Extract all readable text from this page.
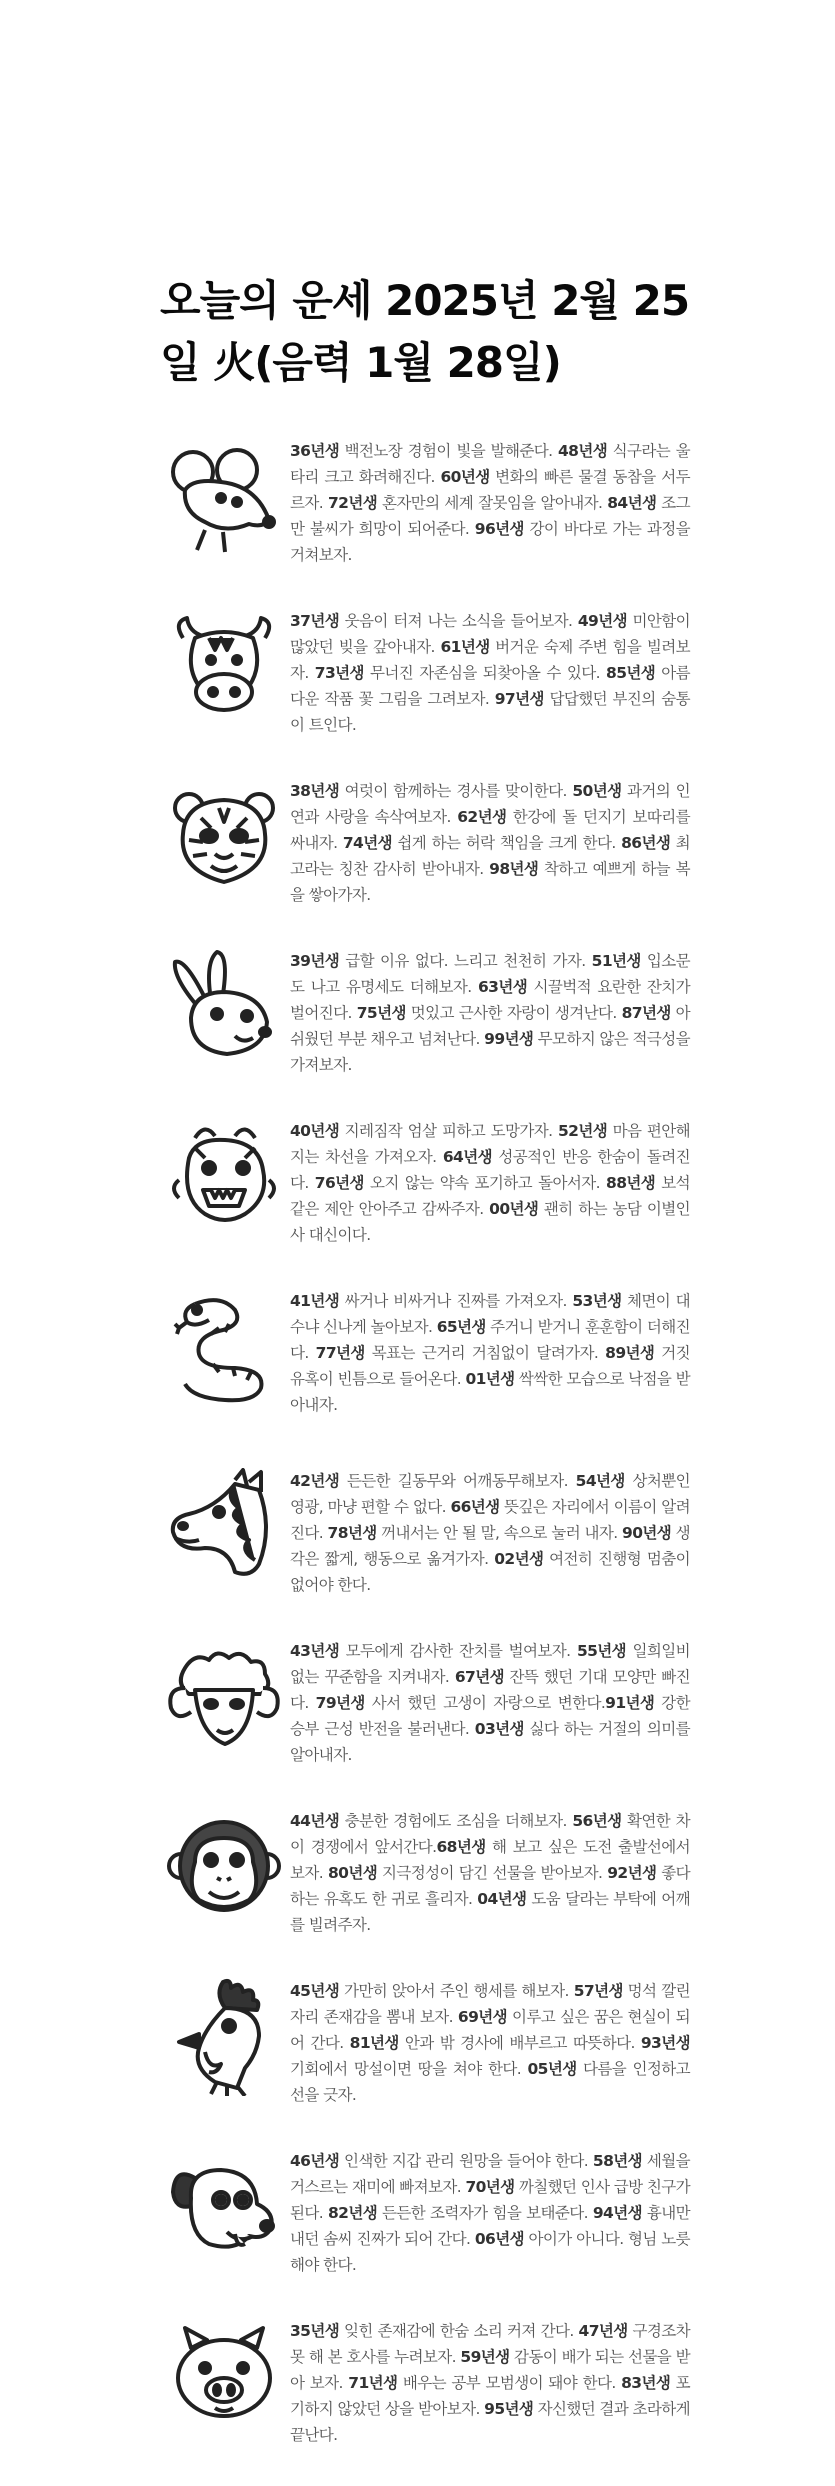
오늘의 운세 2025년 2월 25일 火(음력 1월 28일)
36년생 백전노장 경험이 빛을 발해준다. 48년생 식구라는 울타리 크고 화려해진다. 60년생 변화의 빠른 물결 동참을 서두르자. 72년생 혼자만의 세계 잘못임을 알아내자. 84년생 조그만 불씨가 희망이 되어준다. 96년생 강이 바다로 가는 과정을 거쳐보자.
37년생 웃음이 터져 나는 소식을 들어보자. 49년생 미안함이 많았던 빚을 갚아내자. 61년생 버거운 숙제 주변 힘을 빌려보자. 73년생 무너진 자존심을 되찾아올 수 있다. 85년생 아름다운 작품 꽃 그림을 그려보자. 97년생 답답했던 부진의 숨통이 트인다.
38년생 여럿이 함께하는 경사를 맞이한다. 50년생 과거의 인연과 사랑을 속삭여보자. 62년생 한강에 돌 던지기 보따리를 싸내자. 74년생 쉽게 하는 허락 책임을 크게 한다. 86년생 최고라는 칭찬 감사히 받아내자. 98년생 착하고 예쁘게 하늘 복을 쌓아가자.
39년생 급할 이유 없다. 느리고 천천히 가자. 51년생 입소문도 나고 유명세도 더해보자. 63년생 시끌벅적 요란한 잔치가 벌어진다. 75년생 멋있고 근사한 자랑이 생겨난다. 87년생 아쉬웠던 부분 채우고 넘쳐난다. 99년생 무모하지 않은 적극성을 가져보자.
40년생 지레짐작 엄살 피하고 도망가자. 52년생 마음 편안해지는 차선을 가져오자. 64년생 성공적인 반응 한숨이 돌려진다. 76년생 오지 않는 약속 포기하고 돌아서자. 88년생 보석 같은 제안 안아주고 감싸주자. 00년생 괜히 하는 농담 이별인사 대신이다.
41년생 싸거나 비싸거나 진짜를 가져오자. 53년생 체면이 대수냐 신나게 놀아보자. 65년생 주거니 받거니 훈훈함이 더해진다. 77년생 목표는 근거리 거침없이 달려가자. 89년생 거짓 유혹이 빈틈으로 들어온다. 01년생 싹싹한 모습으로 낙점을 받아내자.
42년생 든든한 길동무와 어깨동무해보자. 54년생 상처뿐인 영광, 마냥 편할 수 없다. 66년생 뜻깊은 자리에서 이름이 알려진다. 78년생 꺼내서는 안 될 말, 속으로 눌러 내자. 90년생 생각은 짧게, 행동으로 옮겨가자. 02년생 여전히 진행형 멈춤이 없어야 한다.
43년생 모두에게 감사한 잔치를 벌여보자. 55년생 일희일비 없는 꾸준함을 지켜내자. 67년생 잔뜩 했던 기대 모양만 빠진다. 79년생 사서 했던 고생이 자랑으로 변한다.91년생 강한 승부 근성 반전을 불러낸다. 03년생 싫다 하는 거절의 의미를 알아내자.
44년생 충분한 경험에도 조심을 더해보자. 56년생 확연한 차이 경쟁에서 앞서간다.68년생 해 보고 싶은 도전 출발선에서 보자. 80년생 지극정성이 담긴 선물을 받아보자. 92년생 좋다 하는 유혹도 한 귀로 흘리자. 04년생 도움 달라는 부탁에 어깨를 빌려주자.
45년생 가만히 앉아서 주인 행세를 해보자. 57년생 멍석 깔린 자리 존재감을 뽐내 보자. 69년생 이루고 싶은 꿈은 현실이 되어 간다. 81년생 안과 밖 경사에 배부르고 따뜻하다. 93년생 기회에서 망설이면 땅을 쳐야 한다. 05년생 다름을 인정하고 선을 긋자.
46년생 인색한 지갑 관리 원망을 들어야 한다. 58년생 세월을 거스르는 재미에 빠져보자. 70년생 까칠했던 인사 급방 친구가 된다. 82년생 든든한 조력자가 힘을 보태준다. 94년생 흉내만 내던 솜씨 진짜가 되어 간다. 06년생 아이가 아니다. 형님 노릇 해야 한다.
35년생 잊힌 존재감에 한숨 소리 커져 간다. 47년생 구경조차 못 해 본 호사를 누려보자. 59년생 감동이 배가 되는 선물을 받아 보자. 71년생 배우는 공부 모범생이 돼야 한다. 83년생 포기하지 않았던 상을 받아보자. 95년생 자신했던 결과 초라하게 끝난다.
